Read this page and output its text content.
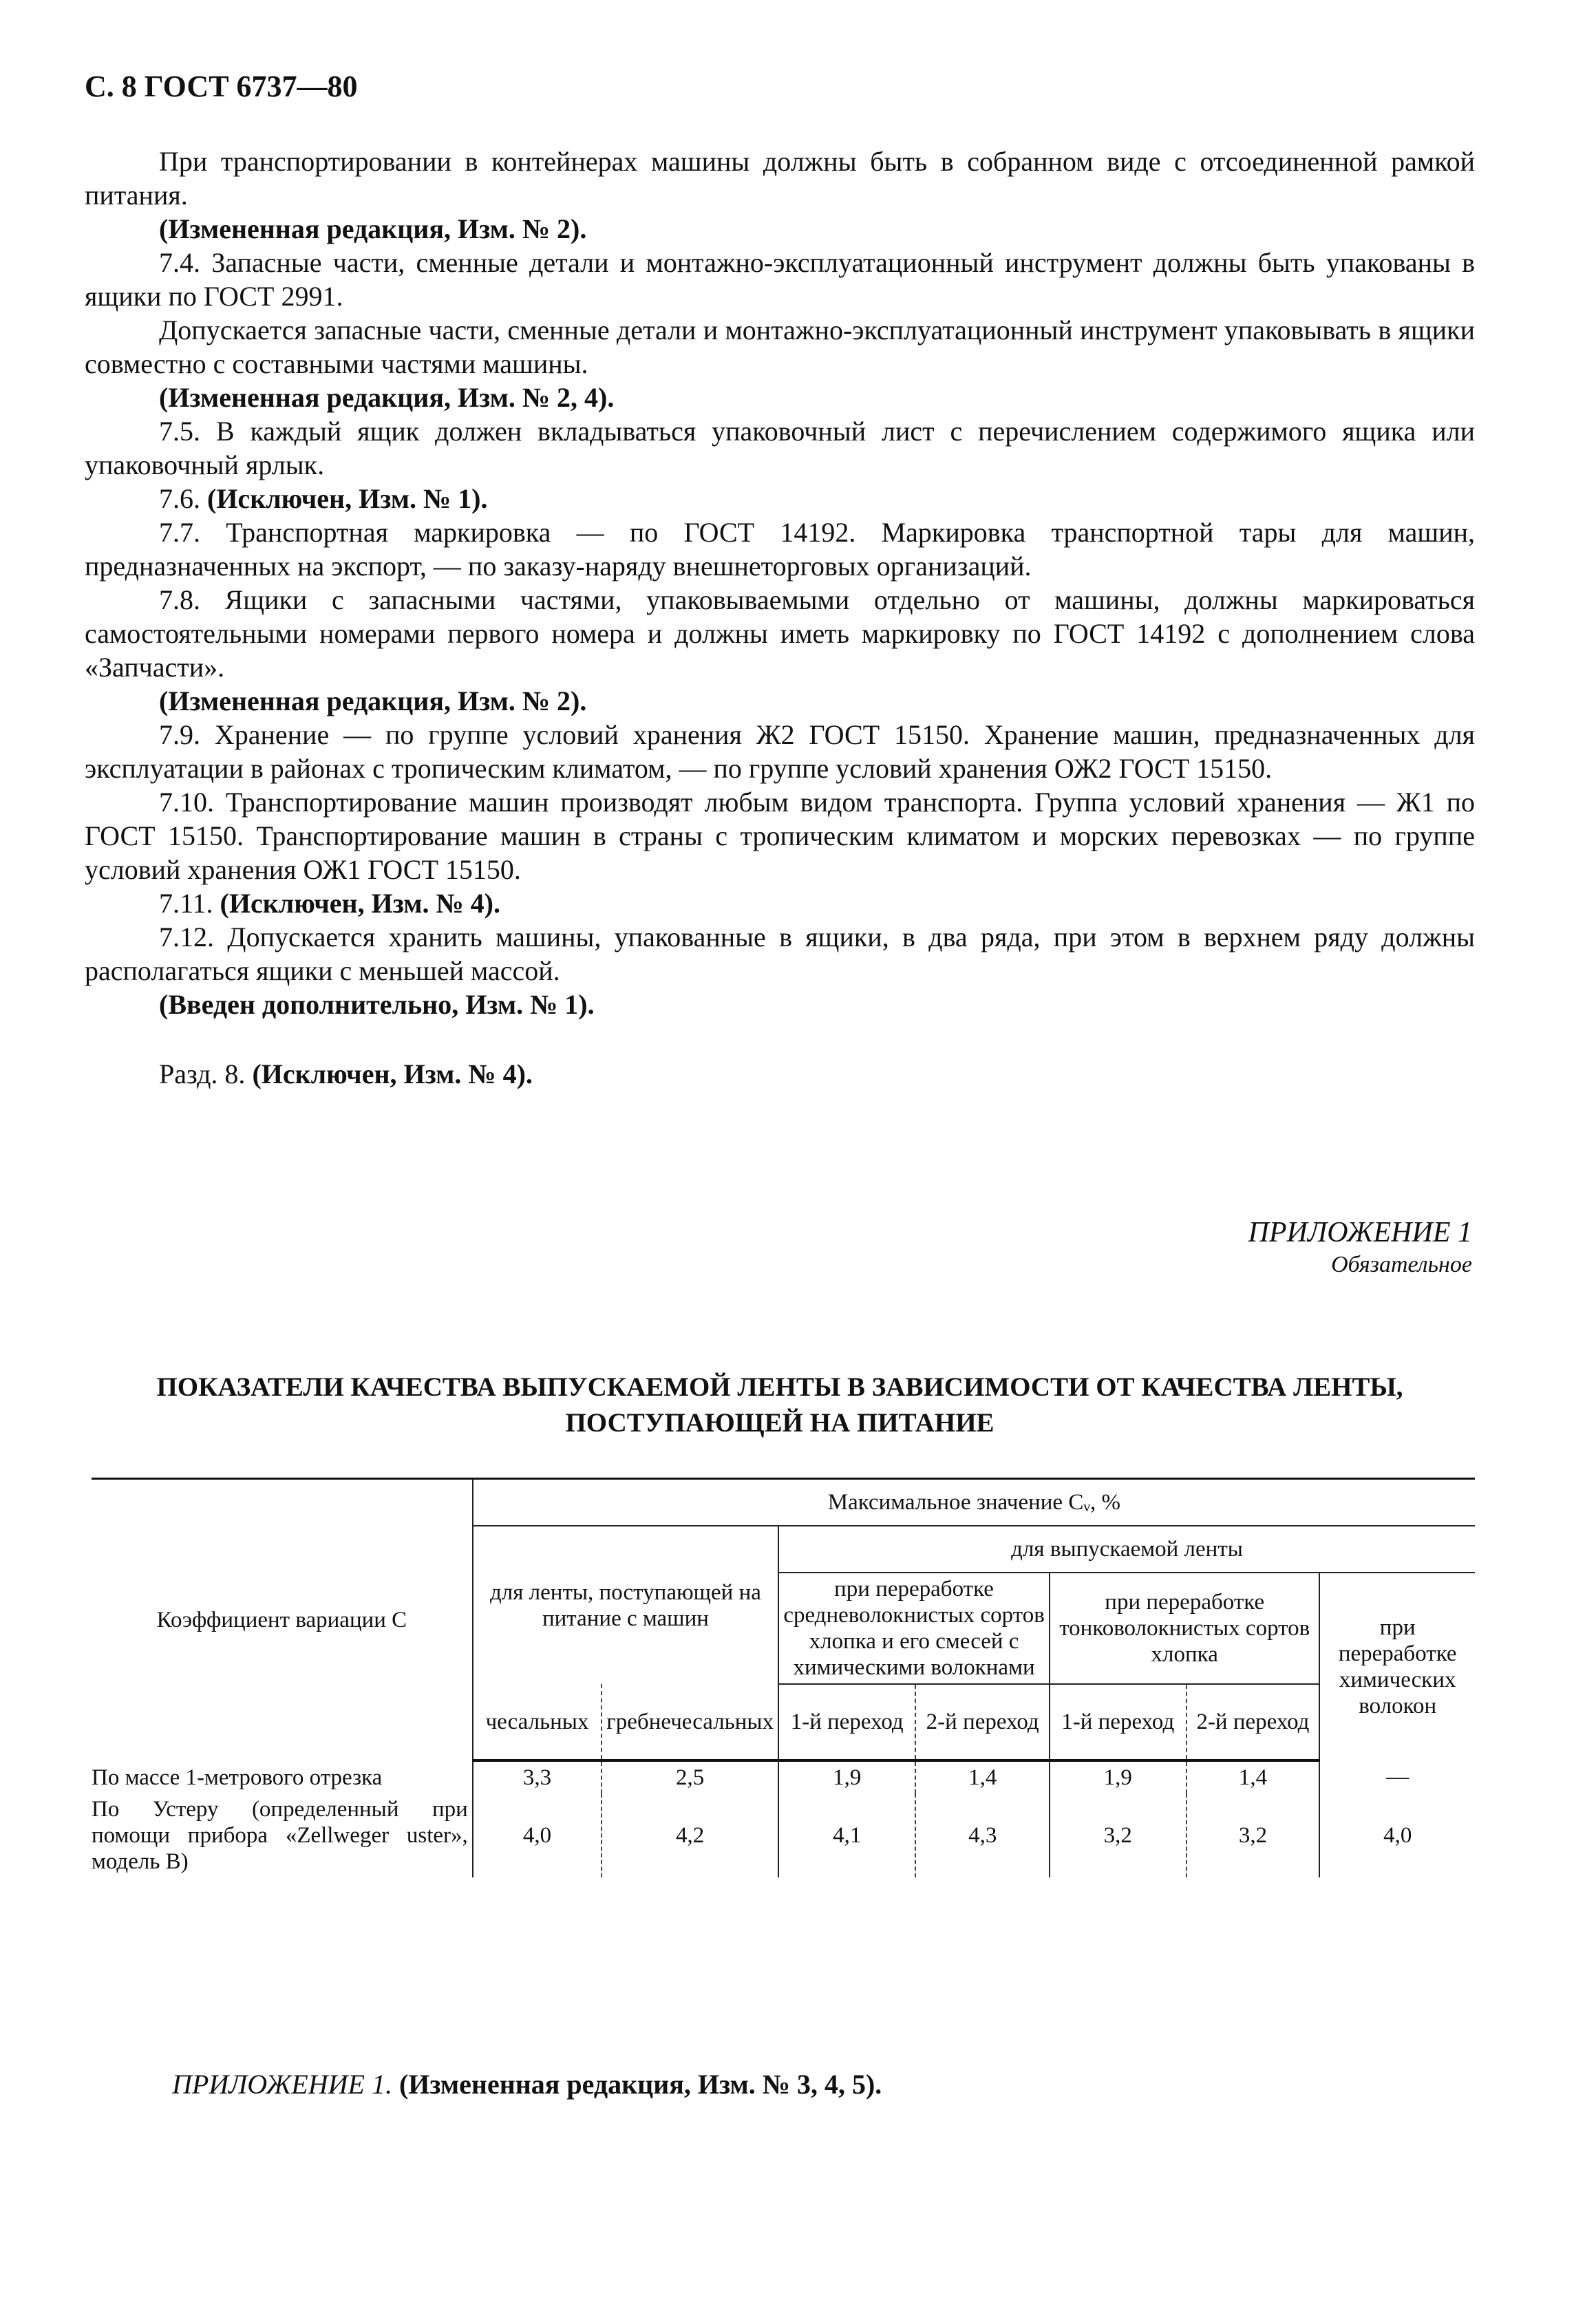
С. 8 ГОСТ 6737—80

При транспортировании в контейнерах машины должны быть в собранном виде с отсоединенной рамкой питания.

(Измененная редакция, Изм. № 2).

7.4. Запасные части, сменные детали и монтажно-эксплуатационный инструмент должны быть упакованы в ящики по ГОСТ 2991.

Допускается запасные части, сменные детали и монтажно-эксплуатационный инструмент упаковывать в ящики совместно с составными частями машины.

(Измененная редакция, Изм. № 2, 4).

7.5. В каждый ящик должен вкладываться упаковочный лист с перечислением содержимого ящика или упаковочный ярлык.

7.6. (Исключен, Изм. № 1).

7.7. Транспортная маркировка — по ГОСТ 14192. Маркировка транспортной тары для машин, предназначенных на экспорт, — по заказу-наряду внешнеторговых организаций.

7.8. Ящики с запасными частями, упаковываемыми отдельно от машины, должны маркироваться самостоятельными номерами первого номера и должны иметь маркировку по ГОСТ 14192 с дополнением слова «Запчасти».

(Измененная редакция, Изм. № 2).

7.9. Хранение — по группе условий хранения Ж2 ГОСТ 15150. Хранение машин, предназначенных для эксплуатации в районах с тропическим климатом, — по группе условий хранения ОЖ2 ГОСТ 15150.

7.10. Транспортирование машин производят любым видом транспорта. Группа условий хранения — Ж1 по ГОСТ 15150. Транспортирование машин в страны с тропическим климатом и морских перевозках — по группе условий хранения ОЖ1 ГОСТ 15150.

7.11. (Исключен, Изм. № 4).

7.12. Допускается хранить машины, упакованные в ящики, в два ряда, при этом в верхнем ряду должны располагаться ящики с меньшей массой.

(Введен дополнительно, Изм. № 1).

Разд. 8. (Исключен, Изм. № 4).

ПРИЛОЖЕНИЕ 1
Обязательное
ПОКАЗАТЕЛИ КАЧЕСТВА ВЫПУСКАЕМОЙ ЛЕНТЫ В ЗАВИСИМОСТИ ОТ КАЧЕСТВА ЛЕНТЫ,
ПОСТУПАЮЩЕЙ НА ПИТАНИЕ
Коэффициент вариации С	Максимальное значение Cᵥ, %						
	для ленты, поступающей на питание с машин		для выпускаемой ленты				
			при переработке средневолокнистых сортов хлопка и его смесей с химическими волокнами		при переработке тонковолокнистых сортов хлопка		при переработке химических волокон
	чесальных	гребнечесальных	1-й переход	2-й переход	1-й переход	2-й переход	
По массе 1-метрового отрезка	3,3	2,5	1,9	1,4	1,9	1,4	—
По Устеру (определенный при помощи прибора «Zellweger uster», модель В)	4,0	4,2	4,1	4,3	3,2	3,2	4,0
ПРИЛОЖЕНИЕ 1. (Измененная редакция, Изм. № 3, 4, 5).
